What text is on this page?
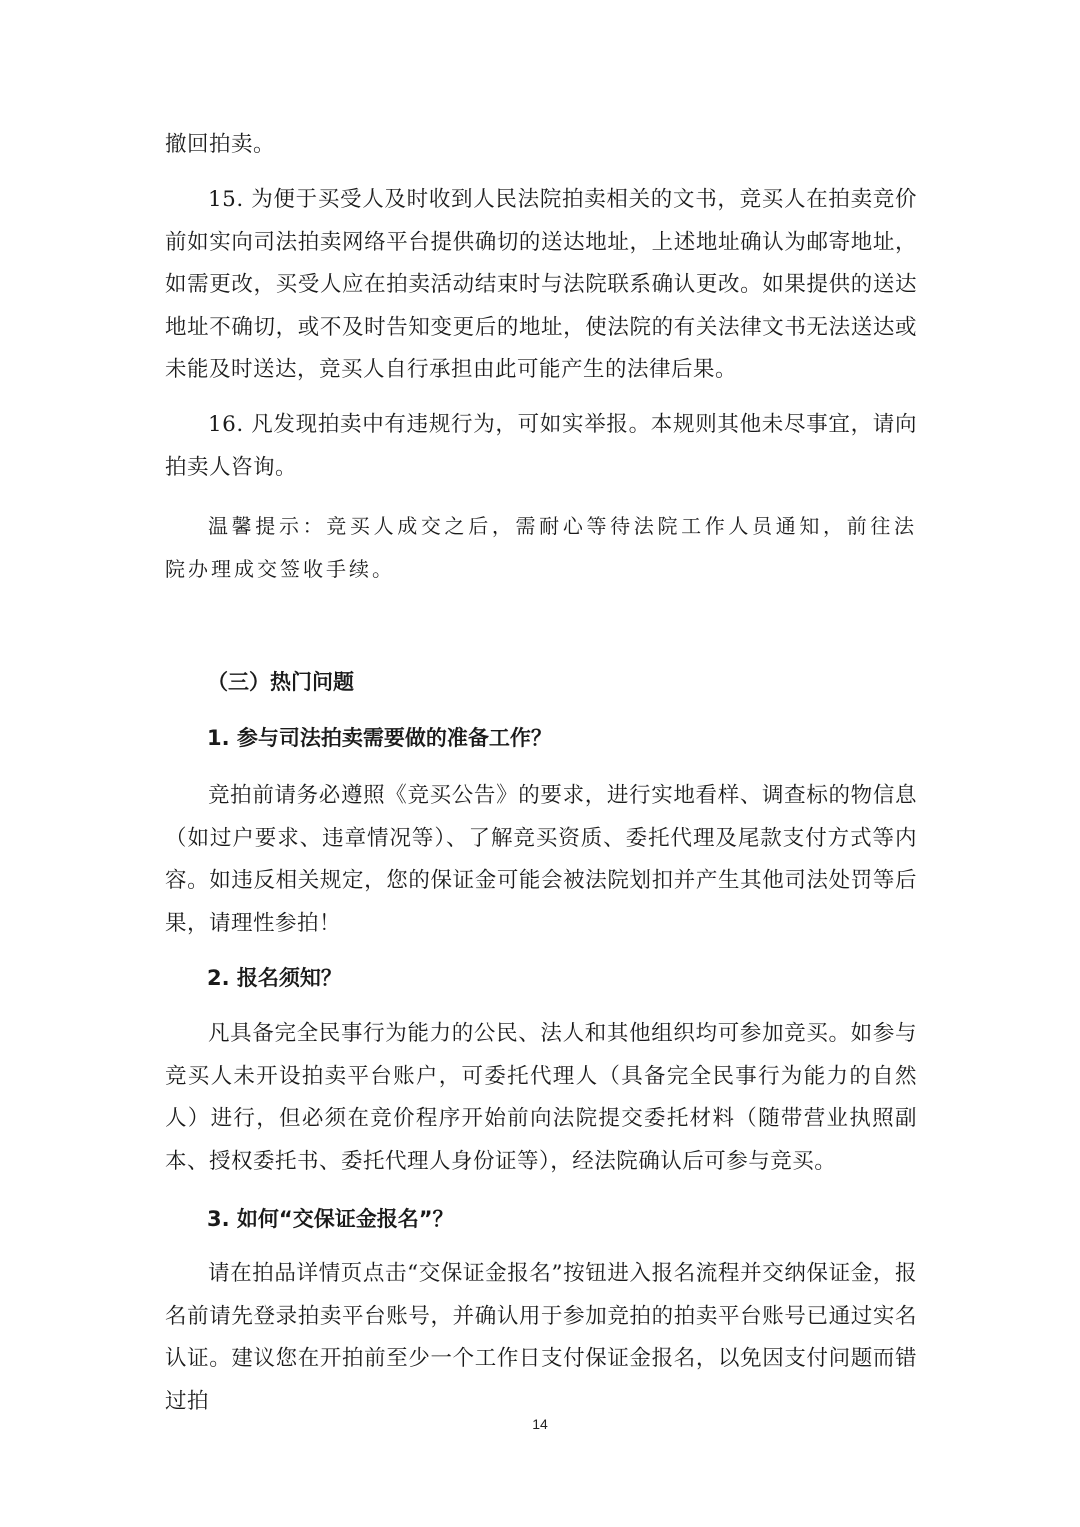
撤回拍卖。

15. 为便于买受人及时收到人民法院拍卖相关的文书，竞买人在拍卖竞价前如实向司法拍卖网络平台提供确切的送达地址，上述地址确认为邮寄地址，如需更改，买受人应在拍卖活动结束时与法院联系确认更改。如果提供的送达地址不确切，或不及时告知变更后的地址，使法院的有关法律文书无法送达或未能及时送达，竞买人自行承担由此可能产生的法律后果。

16. 凡发现拍卖中有违规行为，可如实举报。本规则其他未尽事宜，请向拍卖人咨询。

温馨提示：竞买人成交之后，需耐心等待法院工作人员通知，前往法院办理成交签收手续。

（三）热门问题
1. 参与司法拍卖需要做的准备工作？

竞拍前请务必遵照《竞买公告》的要求，进行实地看样、调查标的物信息（如过户要求、违章情况等）、了解竞买资质、委托代理及尾款支付方式等内容。如违反相关规定，您的保证金可能会被法院划扣并产生其他司法处罚等后果，请理性参拍！

2. 报名须知？

凡具备完全民事行为能力的公民、法人和其他组织均可参加竞买。如参与竞买人未开设拍卖平台账户，可委托代理人（具备完全民事行为能力的自然人）进行，但必须在竞价程序开始前向法院提交委托材料（随带营业执照副本、授权委托书、委托代理人身份证等），经法院确认后可参与竞买。

3. 如何“交保证金报名”？

请在拍品详情页点击“交保证金报名”按钮进入报名流程并交纳保证金，报名前请先登录拍卖平台账号，并确认用于参加竞拍的拍卖平台账号已通过实名认证。建议您在开拍前至少一个工作日支付保证金报名，以免因支付问题而错过拍

14
